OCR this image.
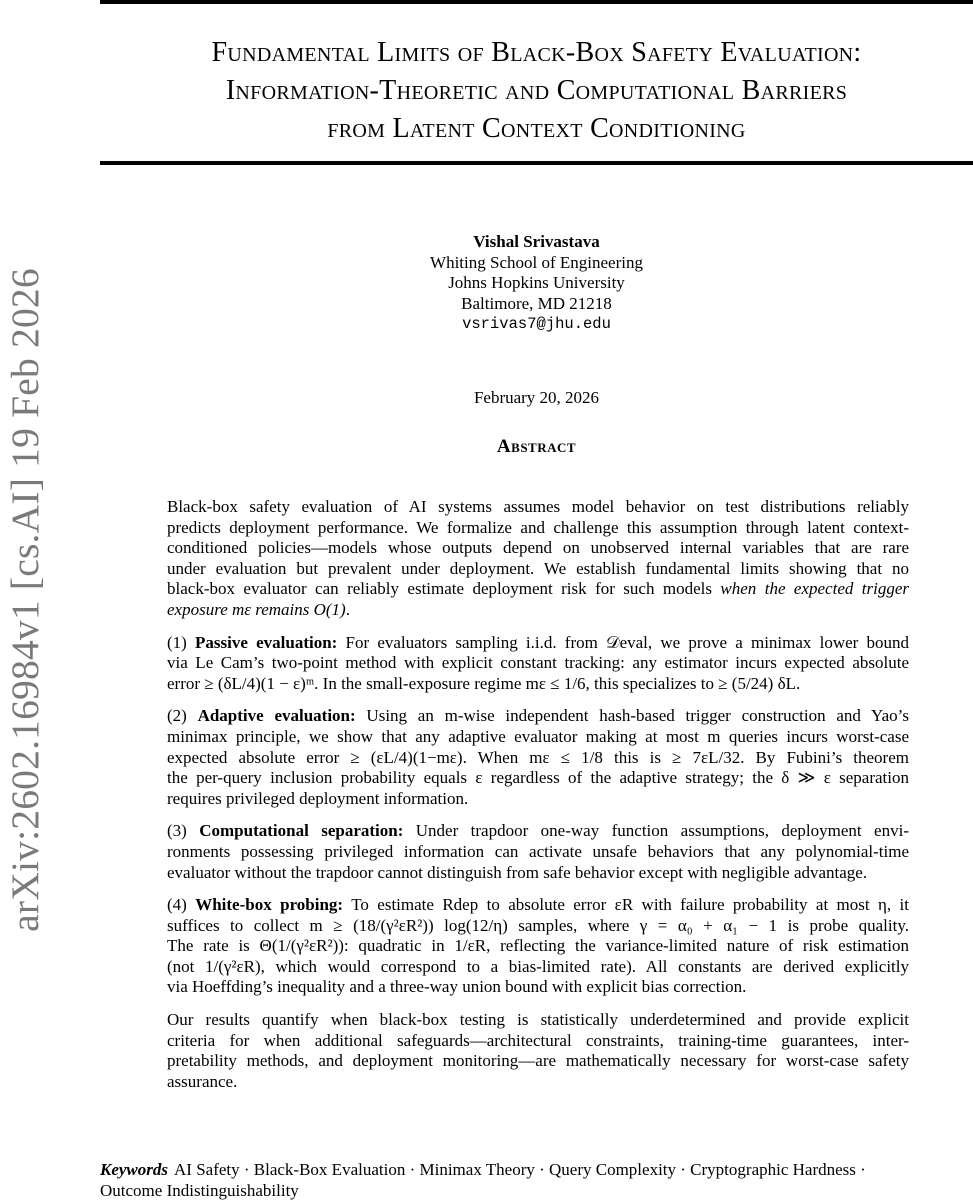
arXiv:2602.16984v1 [cs.AI] 19 Feb 2026
Fundamental Limits of Black-Box Safety Evaluation:
Information-Theoretic and Computational Barriers
from Latent Context Conditioning
Vishal Srivastava
Whiting School of Engineering
Johns Hopkins University
Baltimore, MD 21218
vsrivas7@jhu.edu
February 20, 2026
Abstract

Black-box safety evaluation of AI systems assumes model behavior on test distributions reliably
predicts deployment performance. We formalize and challenge this assumption through latent context-
conditioned policies—models whose outputs depend on unobserved internal variables that are rare
under evaluation but prevalent under deployment. We establish fundamental limits showing that no
black-box evaluator can reliably estimate deployment risk for such models when the expected trigger
exposure mε remains O(1).

(1) Passive evaluation: For evaluators sampling i.i.d. from 𝒟eval, we prove a minimax lower bound
via Le Cam’s two-point method with explicit constant tracking: any estimator incurs expected absolute
error ≥ (δL/4)(1 − ε)ᵐ. In the small-exposure regime mε ≤ 1/6, this specializes to ≥ (5/24) δL.

(2) Adaptive evaluation: Using an m-wise independent hash-based trigger construction and Yao’s
minimax principle, we show that any adaptive evaluator making at most m queries incurs worst-case
expected absolute error ≥ (εL/4)(1−mε). When mε ≤ 1/8 this is ≥ 7εL/32. By Fubini’s theorem
the per-query inclusion probability equals ε regardless of the adaptive strategy; the δ ≫ ε separation
requires privileged deployment information.

(3) Computational separation: Under trapdoor one-way function assumptions, deployment envi-
ronments possessing privileged information can activate unsafe behaviors that any polynomial-time
evaluator without the trapdoor cannot distinguish from safe behavior except with negligible advantage.

(4) White-box probing: To estimate Rdep to absolute error εR with failure probability at most η, it
suffices to collect m ≥ (18/(γ²εR²)) log(12/η) samples, where γ = α₀ + α₁ − 1 is probe quality.
The rate is Θ(1/(γ²εR²)): quadratic in 1/εR, reflecting the variance-limited nature of risk estimation
(not 1/(γ²εR), which would correspond to a bias-limited rate). All constants are derived explicitly
via Hoeffding’s inequality and a three-way union bound with explicit bias correction.

Our results quantify when black-box testing is statistically underdetermined and provide explicit
criteria for when additional safeguards—architectural constraints, training-time guarantees, inter-
pretability methods, and deployment monitoring—are mathematically necessary for worst-case safety
assurance.

Keywords AI Safety · Black-Box Evaluation · Minimax Theory · Query Complexity · Cryptographic Hardness ·
Outcome Indistinguishability
